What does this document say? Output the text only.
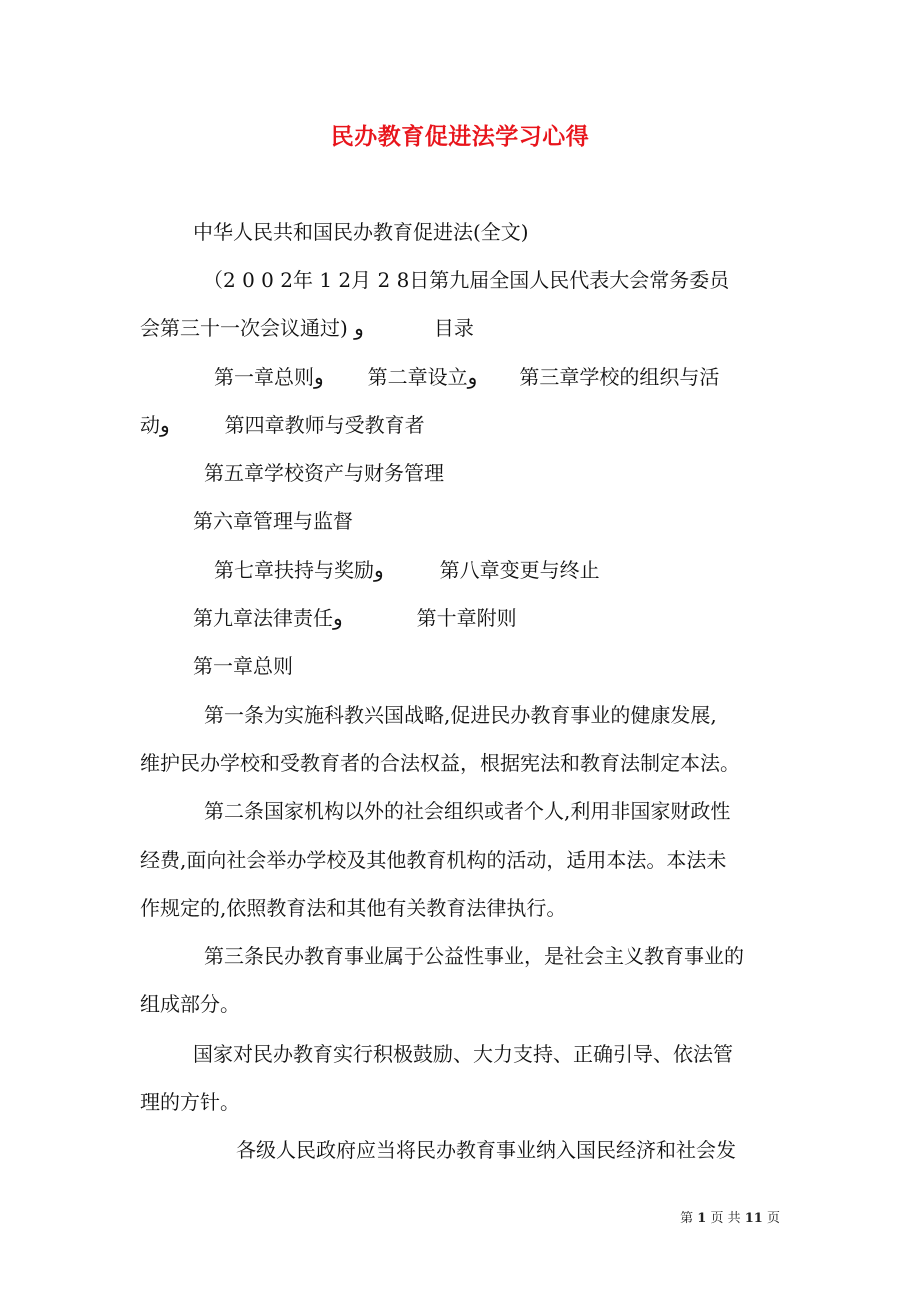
民办教育促进法学习心得
中华人民共和国民办教育促进法(全文)
（2 0 0 2年 1 2月 2 8日第九届全国人民代表大会常务委员
会第三十一次会议通过) ﻭ	目录
第一章总则ﻭ 第二章设立ﻭ 第三章学校的组织与活
动ﻭ	第四章教师与受教育者
第五章学校资产与财务管理
第六章管理与监督
第七章扶持与奖励ﻭ	第八章变更与终止
第九章法律责任ﻭ	第十章附则
第一章总则
第一条为实施科教兴国战略,促进民办教育事业的健康发展,
维护民办学校和受教育者的合法权益，根据宪法和教育法制定本法。
第二条国家机构以外的社会组织或者个人,利用非国家财政性
经费,面向社会举办学校及其他教育机构的活动，适用本法。本法未
作规定的,依照教育法和其他有关教育法律执行。
第三条民办教育事业属于公益性事业，是社会主义教育事业的
组成部分。
国家对民办教育实行积极鼓励、大力支持、正确引导、依法管
理的方针。
各级人民政府应当将民办教育事业纳入国民经济和社会发
第 1 页 共 11 页
